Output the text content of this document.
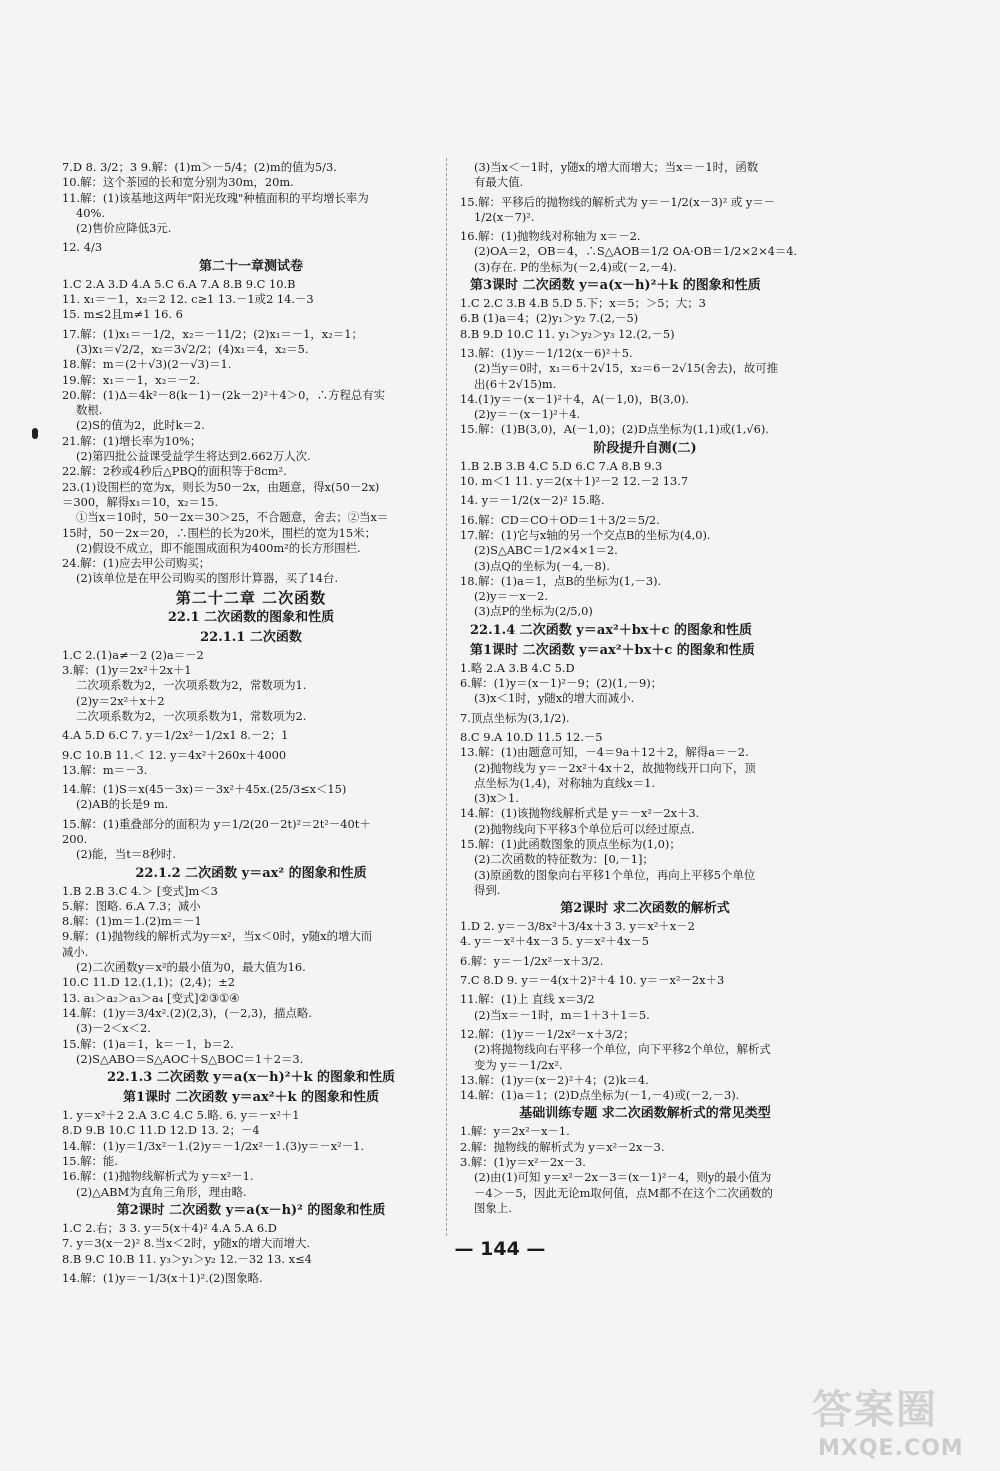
7.D 8. 3/2；3 9.解：(1)m＞－5/4；(2)m的值为5/3.
10.解：这个茶园的长和宽分别为30m，20m.
11.解：(1)该基地这两年"阳光玫瑰"种植面积的平均增长率为
40%.
(2)售价应降低3元.
12. 4/3
第二十一章测试卷
1.C 2.A 3.D 4.A 5.C 6.A 7.A 8.B 9.C 10.B
11. x₁＝－1，x₂＝2 12. c≥1 13.－1或2 14.－3
15. m≤2且m≠1 16. 6
17.解：(1)x₁＝－1/2，x₂＝－11/2；(2)x₁＝－1，x₂＝1；
(3)x₁＝√2/2，x₂＝3√2/2；(4)x₁＝4，x₂＝5.
18.解：m＝(2＋√3)(2－√3)＝1.
19.解：x₁＝－1，x₂＝－2.
20.解：(1)Δ＝4k²－8(k－1)－(2k－2)²＋4＞0，∴方程总有实
数根.
(2)S的值为2，此时k＝2.
21.解：(1)增长率为10%；
(2)第四批公益课受益学生将达到2.662万人次.
22.解：2秒或4秒后△PBQ的面积等于8cm².
23.(1)设围栏的宽为x，则长为50－2x，由题意，得x(50－2x)
＝300，解得x₁＝10，x₂＝15.
①当x＝10时，50－2x＝30＞25，不合题意，舍去；②当x＝
15时，50－2x＝20，∴围栏的长为20米，围栏的宽为15米；
(2)假设不成立，即不能围成面积为400m²的长方形围栏.
24.解：(1)应去甲公司购买；
(2)该单位是在甲公司购买的图形计算器，买了14台.
第二十二章 二次函数
22.1 二次函数的图象和性质
22.1.1 二次函数
1.C 2.(1)a≠－2 (2)a＝－2
3.解：(1)y＝2x²＋2x＋1
二次项系数为2，一次项系数为2，常数项为1.
(2)y＝2x²＋x＋2
二次项系数为2，一次项系数为1，常数项为2.
4.A 5.D 6.C 7. y＝1/2x²－1/2x1 8.－2；1
9.C 10.B 11.＜ 12. y＝4x²＋260x＋4000
13.解：m＝－3.
14.解：(1)S＝x(45－3x)＝－3x²＋45x.(25/3≤x＜15)
(2)AB的长是9 m.
15.解：(1)重叠部分的面积为 y＝1/2(20－2t)²＝2t²－40t＋
200.
(2)能，当t＝8秒时.
22.1.2 二次函数 y＝ax² 的图象和性质
1.B 2.B 3.C 4.＞ [变式]m＜3
5.解：图略. 6.A 7.3；减小
8.解：(1)m＝1.(2)m＝－1
9.解：(1)抛物线的解析式为y＝x²，当x＜0时，y随x的增大而
减小.
(2)二次函数y＝x²的最小值为0，最大值为16.
10.C 11.D 12.(1,1)；(2,4)；±2
13. a₁＞a₂＞a₃＞a₄ [变式]②③①④
14.解：(1)y＝3/4x².(2)(2,3)，(－2,3)，描点略.
(3)－2＜x＜2.
15.解：(1)a＝1，k＝－1，b＝2.
(2)S△ABO＝S△AOC＋S△BOC＝1＋2＝3.
22.1.3 二次函数 y＝a(x－h)²＋k 的图象和性质
第1课时 二次函数 y＝ax²＋k 的图象和性质
1. y＝x²＋2 2.A 3.C 4.C 5.略. 6. y＝－x²＋1
8.D 9.B 10.C 11.D 12.D 13. 2；－4
14.解：(1)y＝1/3x²－1.(2)y＝－1/2x²－1.(3)y＝－x²－1.
15.解：能.
16.解：(1)抛物线解析式为 y＝x²－1.
(2)△ABM为直角三角形，理由略.
第2课时 二次函数 y＝a(x－h)² 的图象和性质
1.C 2.右；3 3. y＝5(x＋4)² 4.A 5.A 6.D
7. y＝3(x－2)² 8.当x＜2时，y随x的增大而增大.
8.B 9.C 10.B 11. y₃＞y₁＞y₂ 12.－32 13. x≤4
14.解：(1)y＝－1/3(x＋1)².(2)图象略.
(3)当x＜－1时，y随x的增大而增大；当x＝－1时，函数
有最大值.
15.解：平移后的抛物线的解析式为 y＝－1/2(x－3)² 或 y＝－
1/2(x－7)².
16.解：(1)抛物线对称轴为 x＝－2.
(2)OA＝2，OB＝4，∴S△AOB＝1/2 OA·OB＝1/2×2×4＝4.
(3)存在. P的坐标为(－2,4)或(－2,－4).
第3课时 二次函数 y＝a(x－h)²＋k 的图象和性质
1.C 2.C 3.B 4.B 5.D 5.下；x＝5；＞5；大；3
6.B (1)a＝4；(2)y₁＞y₂ 7.(2,－5)
8.B 9.D 10.C 11. y₁＞y₂＞y₃ 12.(2,－5)
13.解：(1)y＝－1/12(x－6)²＋5.
(2)当y＝0时，x₁＝6＋2√15，x₂＝6－2√15(舍去)，故可推
出(6＋2√15)m.
14.(1)y＝－(x－1)²＋4，A(－1,0)，B(3,0).
(2)y＝－(x－1)²＋4.
15.解：(1)B(3,0)，A(－1,0)；(2)D点坐标为(1,1)或(1,√6).
阶段提升自测(二)
1.B 2.B 3.B 4.C 5.D 6.C 7.A 8.B 9.3
10. m＜1 11. y＝2(x＋1)²－2 12.－2 13.7
14. y＝－1/2(x－2)² 15.略.
16.解：CD＝CO＋OD＝1＋3/2＝5/2.
17.解：(1)它与x轴的另一个交点B的坐标为(4,0).
(2)S△ABC＝1/2×4×1＝2.
(3)点Q的坐标为(－4,－8).
18.解：(1)a＝1，点B的坐标为(1,－3).
(2)y＝－x－2.
(3)点P的坐标为(2/5,0)
22.1.4 二次函数 y＝ax²＋bx＋c 的图象和性质
第1课时 二次函数 y＝ax²＋bx＋c 的图象和性质
1.略 2.A 3.B 4.C 5.D
6.解：(1)y＝(x－1)²－9；(2)(1,－9)；
(3)x＜1时，y随x的增大而减小.
7.顶点坐标为(3,1/2).
8.C 9.A 10.D 11.5 12.－5
13.解：(1)由题意可知，－4＝9a＋12＋2，解得a＝－2.
(2)抛物线为 y＝－2x²＋4x＋2，故抛物线开口向下，顶
点坐标为(1,4)，对称轴为直线x＝1.
(3)x＞1.
14.解：(1)该抛物线解析式是 y＝－x²－2x＋3.
(2)抛物线向下平移3个单位后可以经过原点.
15.解：(1)此函数图象的顶点坐标为(1,0)；
(2)二次函数的特征数为：[0,－1]；
(3)原函数的图象向右平移1个单位，再向上平移5个单位
得到.
第2课时 求二次函数的解析式
1.D 2. y＝－3/8x²＋3/4x＋3 3. y＝x²＋x－2
4. y＝－x²＋4x－3 5. y＝x²＋4x－5
6.解：y＝－1/2x²－x＋3/2.
7.C 8.D 9. y＝－4(x＋2)²＋4 10. y＝－x²－2x＋3
11.解：(1)上 直线 x＝3/2
(2)当x＝－1时，m＝1＋3＋1＝5.
12.解：(1)y＝－1/2x²－x＋3/2；
(2)将抛物线向右平移一个单位，向下平移2个单位，解析式
变为 y＝－1/2x².
13.解：(1)y＝(x－2)²＋4；(2)k＝4.
14.解：(1)a＝1；(2)D点坐标为(－1,－4)或(－2,－3).
基础训练专题 求二次函数解析式的常见类型
1.解：y＝2x²－x－1.
2.解：抛物线的解析式为 y＝x²－2x－3.
3.解：(1)y＝x²－2x－3.
(2)由(1)可知 y＝x²－2x－3＝(x－1)²－4，则y的最小值为
－4＞－5，因此无论m取何值，点M都不在这个二次函数的
图象上.
— 144 —
答案圈
MXQE.COM
